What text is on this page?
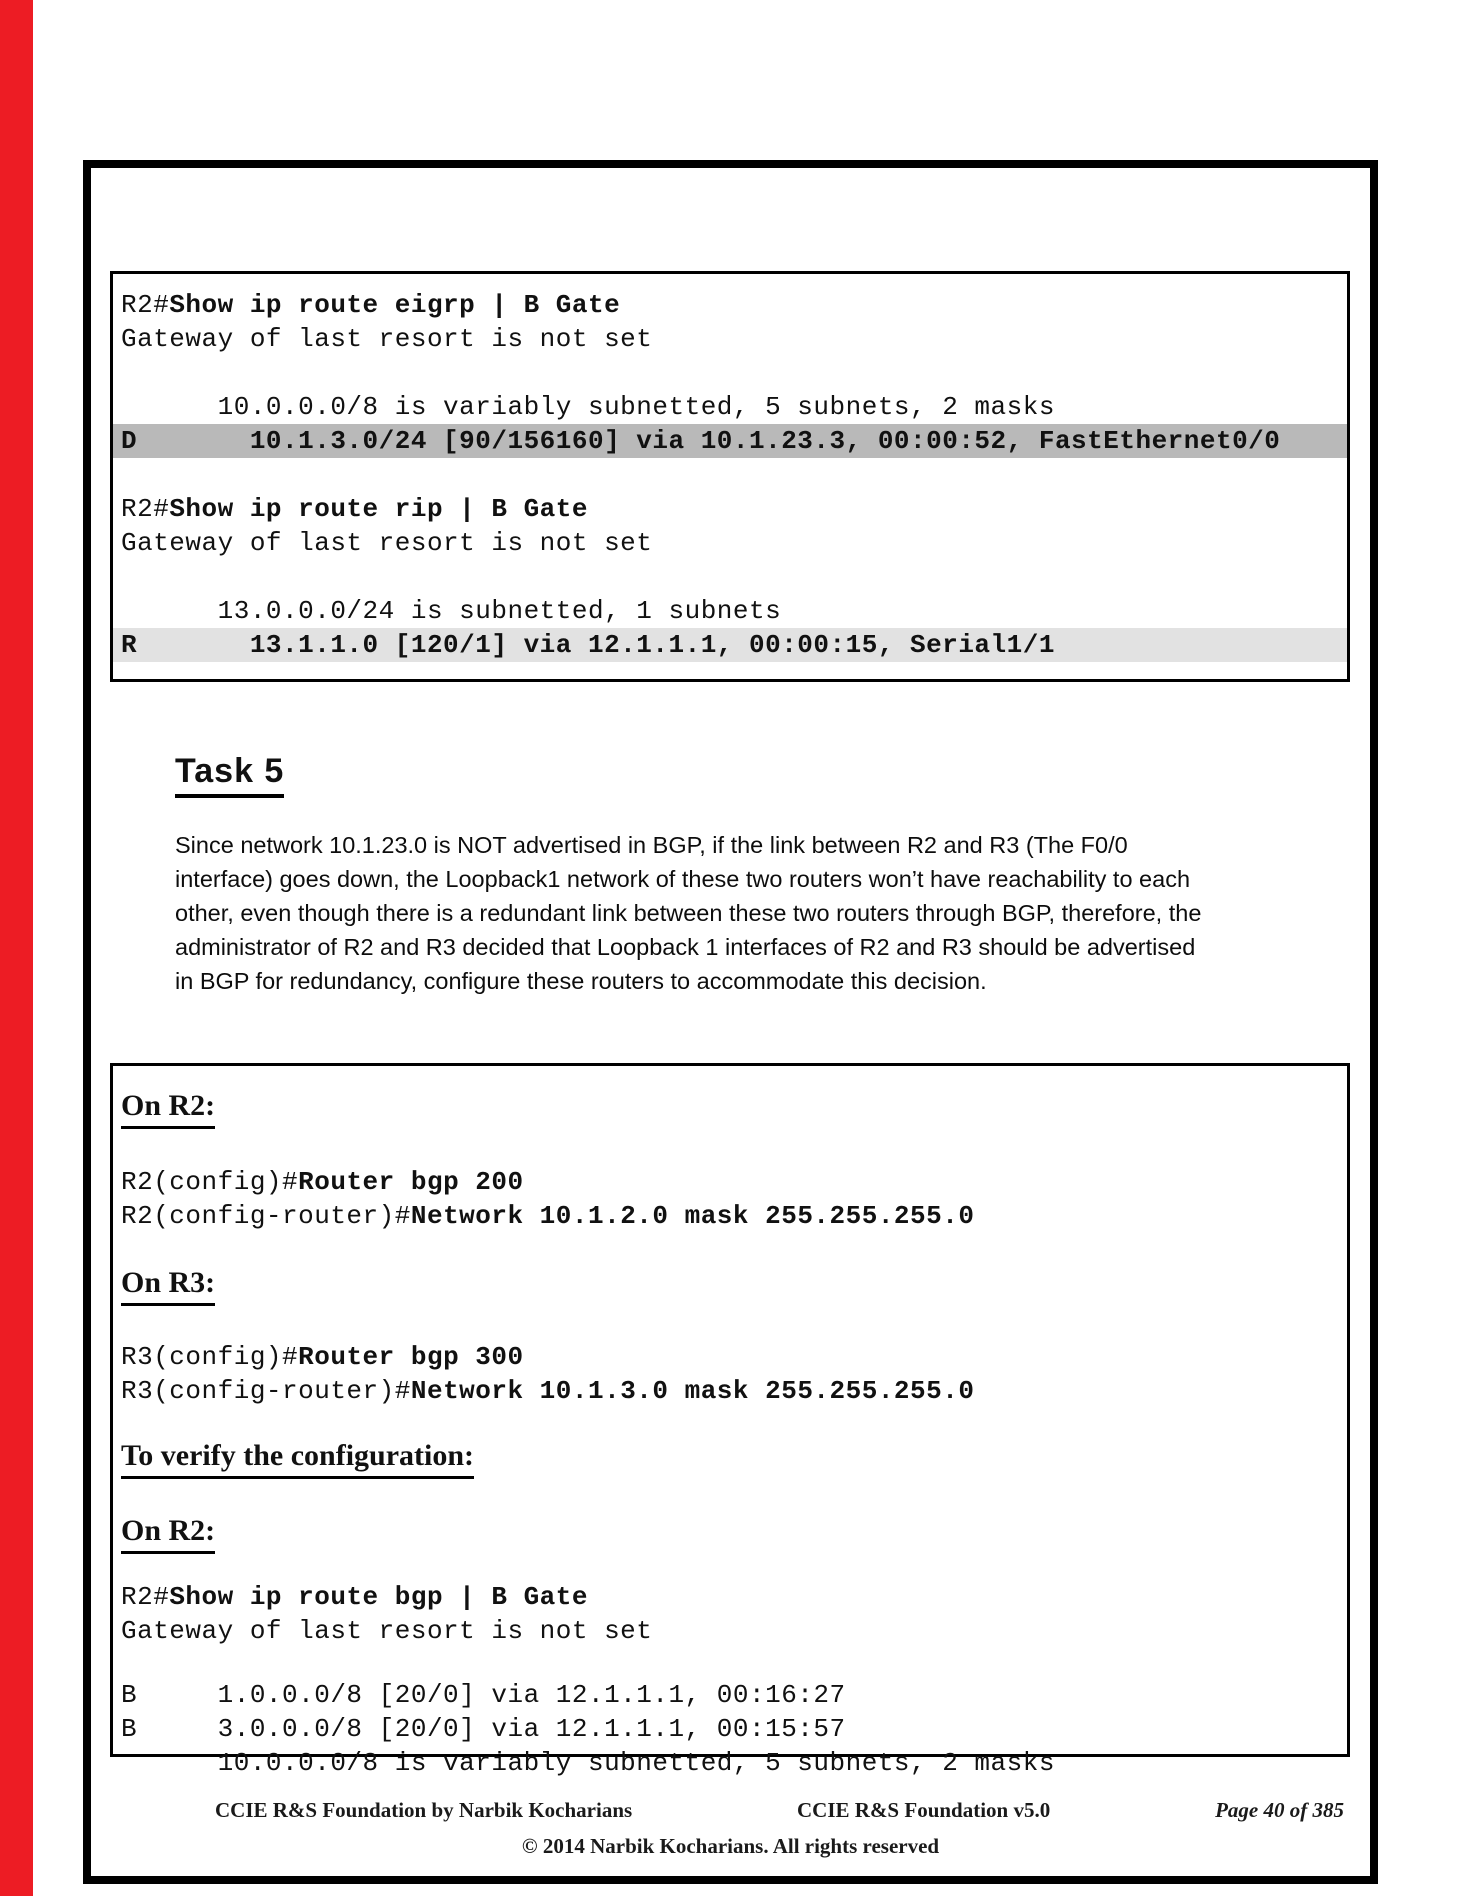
R2#Show ip route eigrp | B Gate
Gateway of last resort is not set
10.0.0.0/8 is variably subnetted, 5 subnets, 2 masks
D       10.1.3.0/24 [90/156160] via 10.1.23.3, 00:00:52, FastEthernet0/0
R2#Show ip route rip | B Gate
Gateway of last resort is not set
13.0.0.0/24 is subnetted, 1 subnets
R       13.1.1.0 [120/1] via 12.1.1.1, 00:00:15, Serial1/1
Task 5
Since network 10.1.23.0 is NOT advertised in BGP, if the link between R2 and R3 (The F0/0 interface) goes down, the Loopback1 network of these two routers won’t have reachability to each other, even though there is a redundant link between these two routers through BGP, therefore, the administrator of R2 and R3 decided that Loopback 1 interfaces of R2 and R3 should be advertised in BGP for redundancy, configure these routers to accommodate this decision.
On R2:
R2(config)#Router bgp 200
R2(config-router)#Network 10.1.2.0 mask 255.255.255.0
On R3:
R3(config)#Router bgp 300
R3(config-router)#Network 10.1.3.0 mask 255.255.255.0
To verify the configuration:
On R2:
R2#Show ip route bgp | B Gate
Gateway of last resort is not set
B     1.0.0.0/8 [20/0] via 12.1.1.1, 00:16:27
B     3.0.0.0/8 [20/0] via 12.1.1.1, 00:15:57
10.0.0.0/8 is variably subnetted, 5 subnets, 2 masks
CCIE R&S Foundation by Narbik Kocharians	CCIE R&S Foundation v5.0	Page 40 of 385
© 2014 Narbik Kocharians. All rights reserved
